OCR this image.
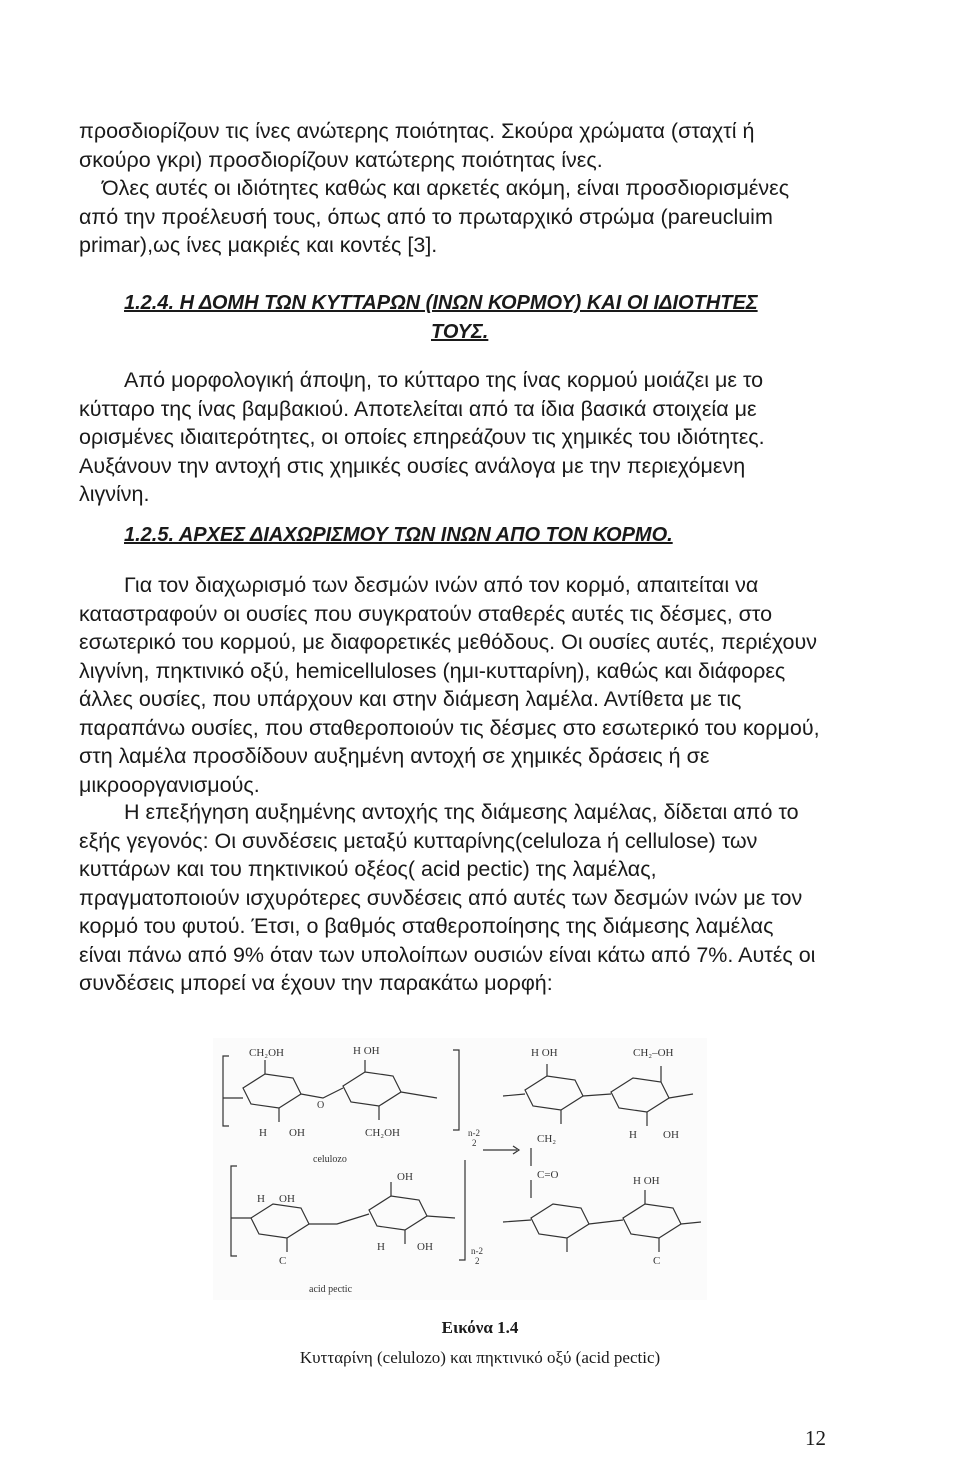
προσδιορίζουν τις ίνες ανώτερης ποιότητας. Σκούρα χρώματα (σταχτί ή
σκούρο γκρι) προσδιορίζουν κατώτερης ποιότητας ίνες.
Όλες αυτές οι ιδιότητες καθώς και αρκετές ακόμη, είναι προσδιορισμένες
από την προέλευσή τους, όπως από το πρωταρχικό στρώμα (pareucluim
primar),ως ίνες μακριές και κοντές [3].
1.2.4. Η ΔΟΜΗ ΤΩΝ ΚΥΤΤΑΡΩΝ (ΙΝΩΝ ΚΟΡΜΟΥ) ΚΑΙ ΟΙ ΙΔΙΟΤΗΤΕΣ
ΤΟΥΣ.
Από μορφολογική άποψη, το κύτταρο της ίνας κορμού μοιάζει με το
κύτταρο της ίνας βαμβακιού. Αποτελείται από τα ίδια βασικά στοιχεία με
ορισμένες ιδιαιτερότητες, οι οποίες επηρεάζουν τις χημικές του ιδιότητες.
Αυξάνουν την αντοχή στις χημικές ουσίες ανάλογα με την περιεχόμενη
λιγνίνη.
1.2.5. ΑΡΧΕΣ ΔΙΑΧΩΡΙΣΜΟΥ ΤΩΝ ΙΝΩΝ ΑΠΟ ΤΟΝ ΚΟΡΜΟ.
Για τον διαχωρισμό των δεσμών ινών από τον κορμό, απαιτείται να
καταστραφούν οι ουσίες που συγκρατούν σταθερές αυτές τις δέσμες, στο
εσωτερικό του κορμού, με διαφορετικές μεθόδους. Οι ουσίες αυτές, περιέχουν
λιγνίνη, πηκτινικό οξύ, hemicelluloses (ημι-κυτταρίνη), καθώς και διάφορες
άλλες ουσίες, που υπάρχουν και στην διάμεση λαμέλα. Αντίθετα με τις
παραπάνω ουσίες, που σταθεροποιούν τις δέσμες στο εσωτερικό του κορμού,
στη λαμέλα προσδίδουν αυξημένη αντοχή σε χημικές δράσεις ή σε
μικροοργανισμούς.
Η επεξήγηση αυξημένης αντοχής της διάμεσης λαμέλας, δίδεται από το
εξής γεγονός: Οι συνδέσεις μεταξύ κυτταρίνης(celuloza ή cellulose) των
κυττάρων και του πηκτινικού οξέος( acid pectic) της λαμέλας,
πραγματοποιούν ισχυρότερες συνδέσεις από αυτές των δεσμών ινών με τον
κορμό του φυτού. Έτσι, ο βαθμός σταθεροποίησης της διάμεσης λαμέλας
είναι πάνω από 9% όταν των υπολοίπων ουσιών είναι κάτω από 7%. Αυτές οι
συνδέσεις μπορεί να έχουν την παρακάτω μορφή:
CH₂OH	H OH	H OH	CH₂–OH
O
H OH	CH₂OH	n-2
2	CH₂	H OH
celulozo
H OH
OH	C=O	H OH
H	OH
C	C
n-2
2
acid pectic
Εικόνα 1.4
Κυτταρίνη (celulozo) και πηκτινικό οξύ (acid pectic)
12
